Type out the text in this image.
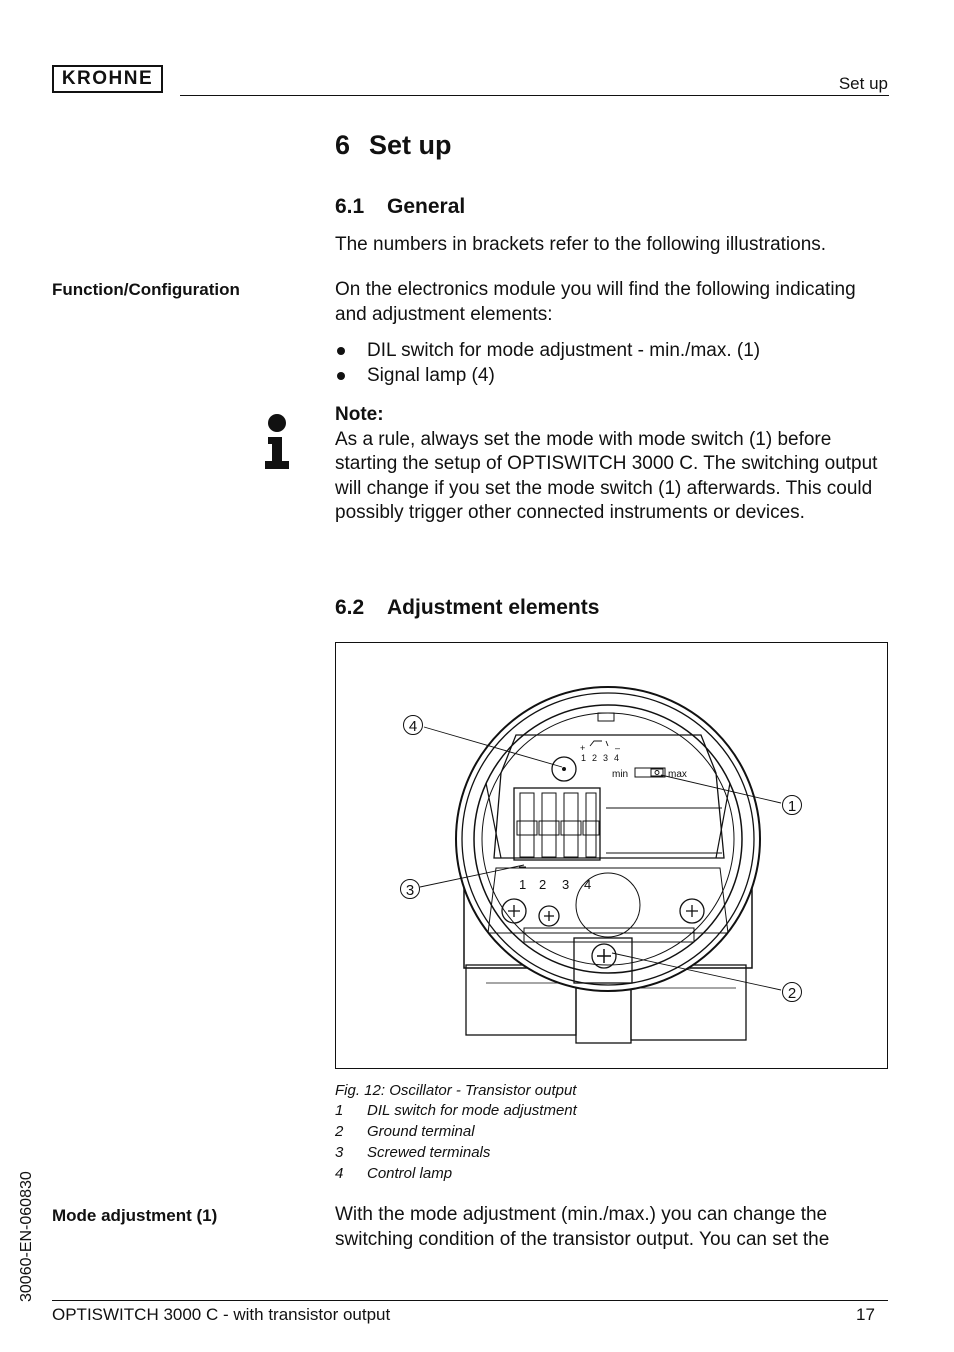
KROHNE	Set up
6 Set up
6.1 General
The numbers in brackets refer to the following illustrations.
Function/Configuration	On the electronics module you will find the following indicating and adjustment elements:
DIL switch for mode adjustment - min./max. (1)
Signal lamp (4)
Note:
As a rule, always set the mode with mode switch (1) before starting the setup of OPTISWITCH 3000 C. The switching output will change if you set the mode switch (1) afterwards. This could possibly trigger other connected instruments or devices.
6.2 Adjustment elements
+	–
1 2 3 4
min	max
1 2 3 4
4
1
3
2
Fig. 12: Oscillator - Transistor output
1	DIL switch for mode adjustment
2	Ground terminal
3	Screwed terminals
4	Control lamp
Mode adjustment (1)	With the mode adjustment (min./max.) you can change the switching condition of the transistor output. You can set the
30060-EN-060830
OPTISWITCH 3000 C - with transistor output	17
